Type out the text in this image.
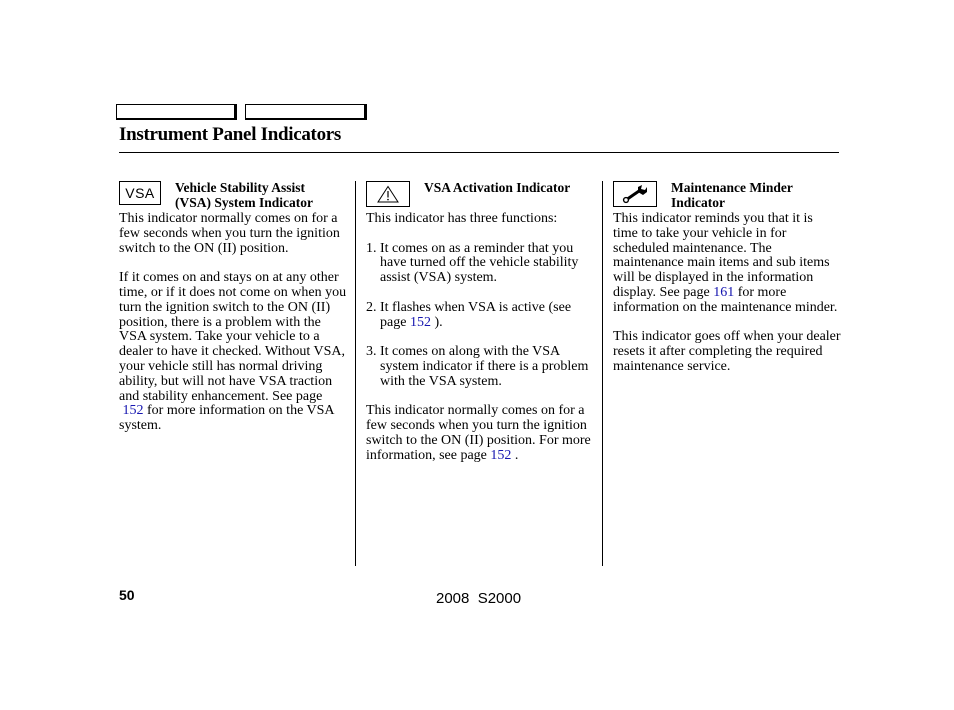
Instrument Panel Indicators
VSA Vehicle Stability Assist
(VSA) System Indicator

This indicator normally comes on for a few seconds when you turn the ignition switch to the ON (II) position.

If it comes on and stays on at any other time, or if it does not come on when you turn the ignition switch to the ON (II) position, there is a problem with the VSA system. Take your vehicle to a dealer to have it checked. Without VSA, your vehicle still has normal driving ability, but will not have VSA traction and stability enhancement. See page
152 for more information on the VSA system.

VSA Activation Indicator

This indicator has three functions:

1. It comes on as a reminder that you have turned off the vehicle stability assist (VSA) system.
2. It flashes when VSA is active (see page 152 ).
3. It comes on along with the VSA system indicator if there is a problem with the VSA system.

This indicator normally comes on for a few seconds when you turn the ignition switch to the ON (II) position. For more information, see page 152 .

Maintenance Minder
Indicator

This indicator reminds you that it is time to take your vehicle in for scheduled maintenance. The maintenance main items and sub items will be displayed in the information display. See page 161 for more information on the maintenance minder.

This indicator goes off when your dealer resets it after completing the required maintenance service.

50	2008  S2000
